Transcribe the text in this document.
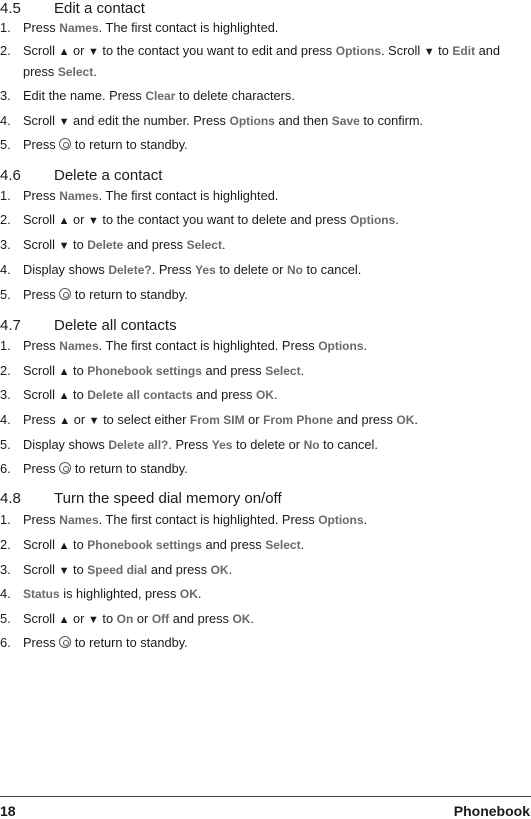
4.5 Edit a contact
1. Press Names. The first contact is highlighted.
2. Scroll ▲ or ▼ to the contact you want to edit and press Options. Scroll ▼ to Edit and press Select.
3. Edit the name. Press Clear to delete characters.
4. Scroll ▼ and edit the number. Press Options and then Save to confirm.
5. Press  to return to standby.
4.6 Delete a contact
1. Press Names. The first contact is highlighted.
2. Scroll ▲ or ▼ to the contact you want to delete and press Options.
3. Scroll ▼ to Delete and press Select.
4. Display shows Delete?. Press Yes to delete or No to cancel.
5. Press  to return to standby.
4.7 Delete all contacts
1. Press Names. The first contact is highlighted. Press Options.
2. Scroll ▲ to Phonebook settings and press Select.
3. Scroll ▲ to Delete all contacts and press OK.
4. Press ▲ or ▼ to select either From SIM or From Phone and press OK.
5. Display shows Delete all?. Press Yes to delete or No to cancel.
6. Press  to return to standby.
4.8 Turn the speed dial memory on/off
1. Press Names. The first contact is highlighted. Press Options.
2. Scroll ▲ to Phonebook settings and press Select.
3. Scroll ▼ to Speed dial and press OK.
4. Status is highlighted, press OK.
5. Scroll ▲ or ▼ to On or Off and press OK.
6. Press  to return to standby.
18	Phonebook
